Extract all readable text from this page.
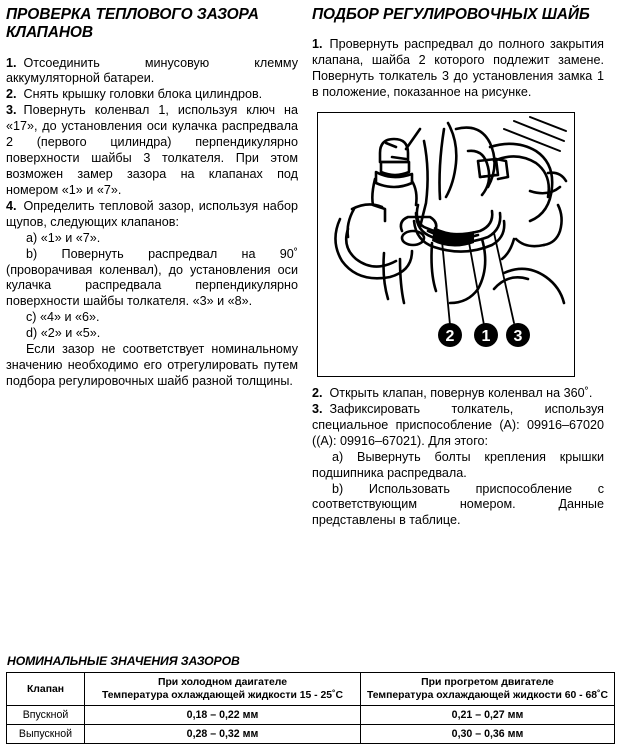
ПРОВЕРКА ТЕПЛОВОГО ЗАЗОРА КЛАПАНОВ

1. Отсоединить минусовую клемму аккумуляторной батареи.

2. Снять крышку головки блока цилиндров.

3. Повернуть коленвал 1, используя ключ на «17», до установления оси кулачка распредвала 2 (первого цилиндра) перпендикулярно поверхности шайбы 3 толкателя. При этом возможен замер зазора на клапанах под номером «1» и «7».

4. Определить тепловой зазор, используя набор щупов, следующих клапанов:

a) «1» и «7».

b) Повернуть распредвал на 90˚ (проворачивая коленвал), до установления оси кулачка распредвала перпендикулярно поверхности шайбы толкателя. «3» и «8».

c) «4» и «6».

d) «2» и «5».

Если зазор не соответствует номинальному значению необходимо его отрегулировать путем подбора регулировочных шайб разной толщины.

ПОДБОР РЕГУЛИРОВОЧНЫХ ШАЙБ

1. Провернуть распредвал до полного закрытия клапана, шайба 2 которого подлежит замене. Повернуть толкатель 3 до установления замка 1 в положение, показанное на рисунке.

2 1 3

2. Открыть клапан, повернув коленвал на 360˚.

3. Зафиксировать толкатель, используя специальное приспособление (А): 09916–67020 ((А): 09916–67021). Для этого:

a) Вывернуть болты крепления крышки подшипника распредвала.

b) Использовать приспособление с соответствующим номером. Данные представлены в таблице.

НОМИНАЛЬНЫЕ ЗНАЧЕНИЯ ЗАЗОРОВ
Клапан	
При холодном даигателе
Температура охлаждающей жидкости 15 - 25˚С

При прогретом двигателе
Температура охлаждающей жидкости 60 - 68˚С

Впускной	0,18 – 0,22 мм	0,21 – 0,27 мм
Выпускной	0,28 – 0,32 мм	0,30 – 0,36 мм
